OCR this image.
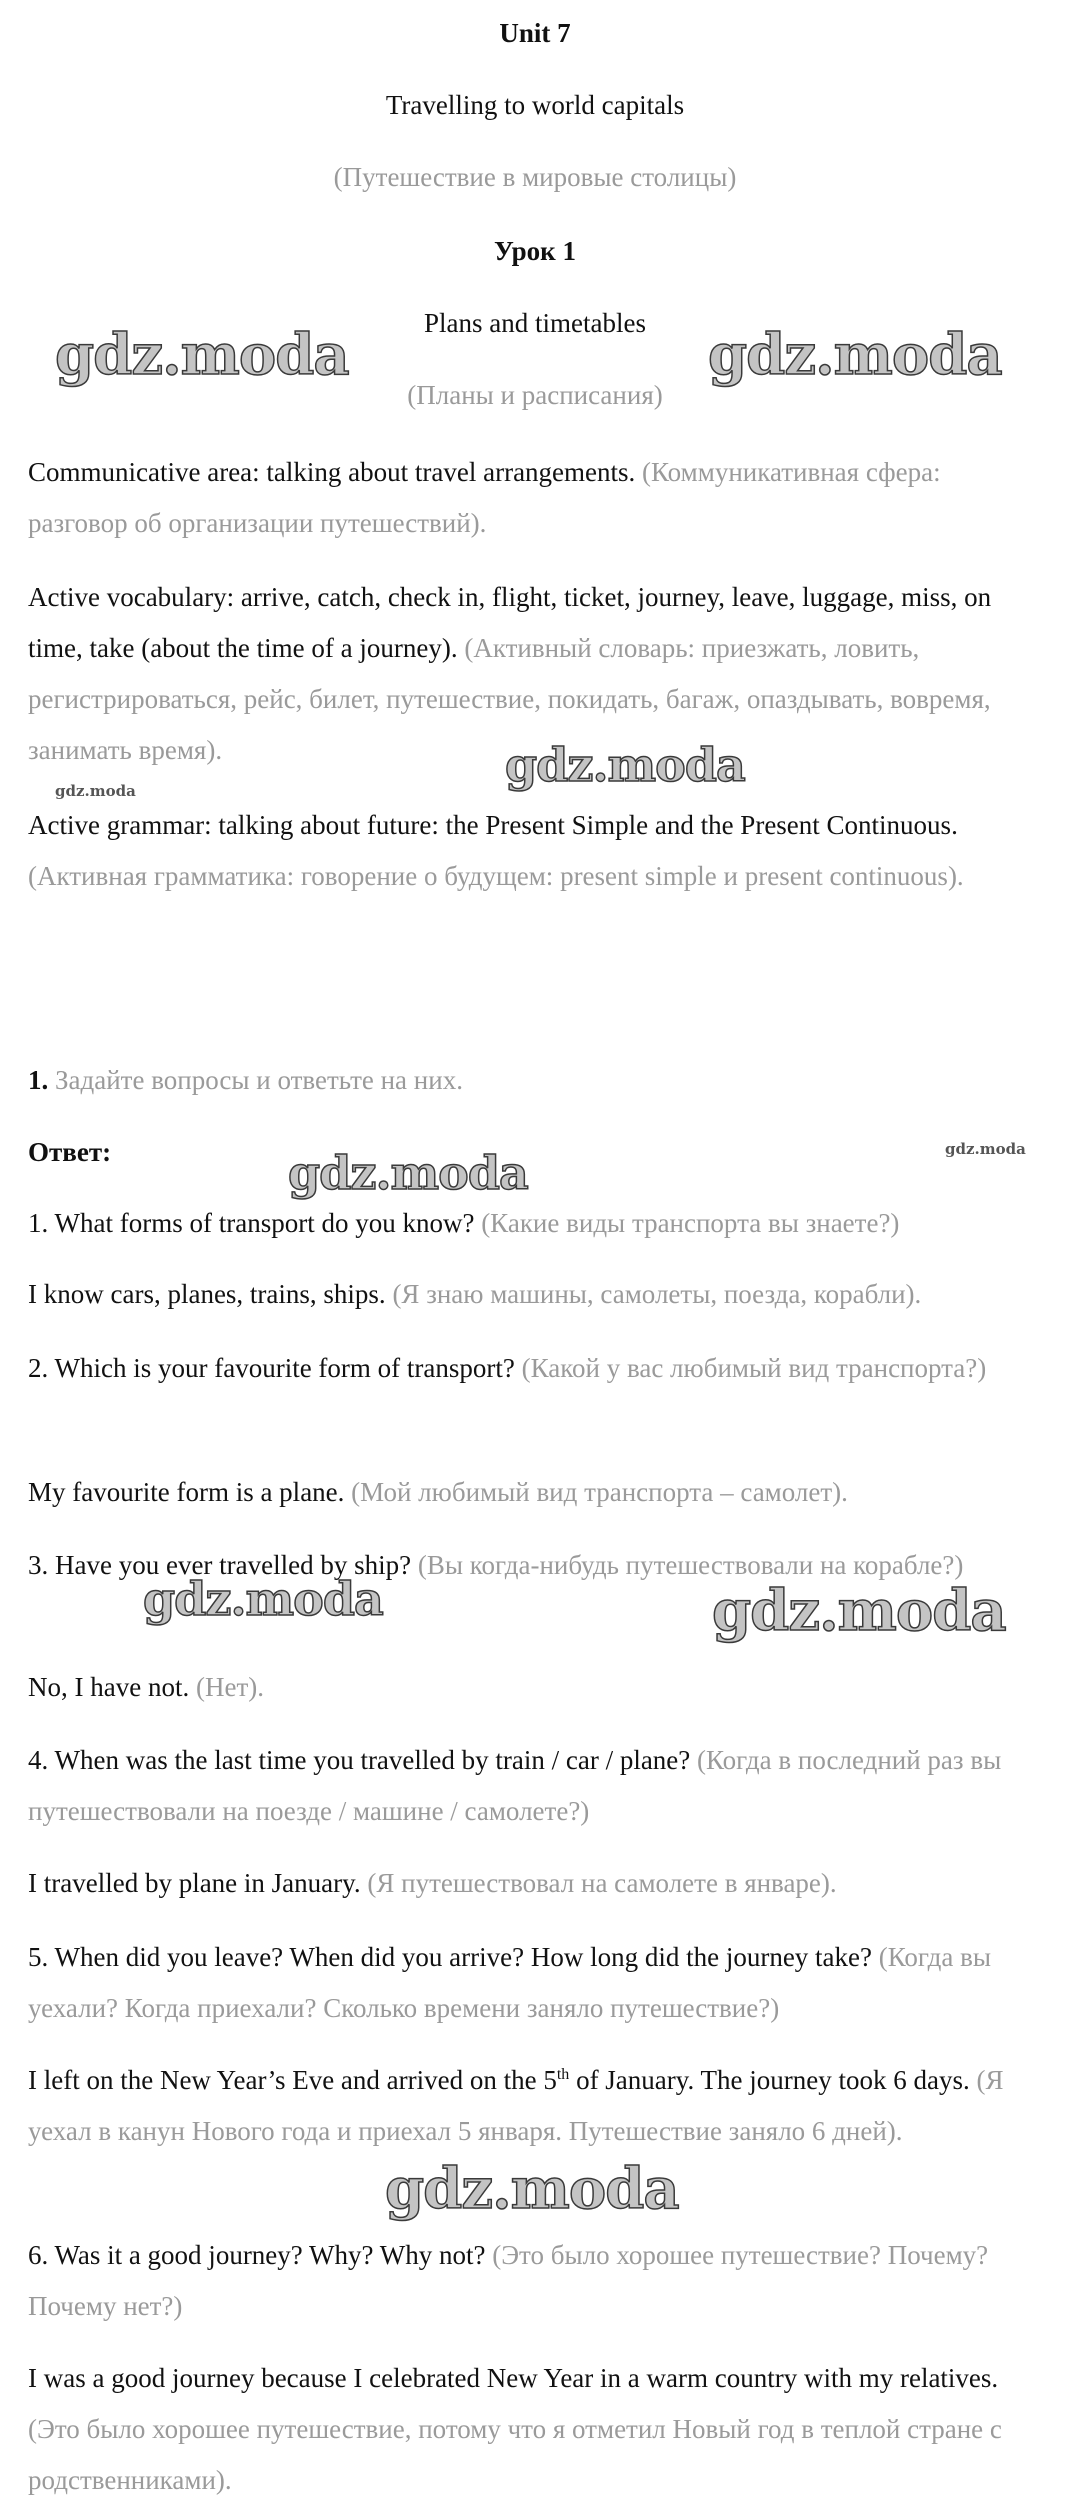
Unit 7
Travelling to world capitals
(Путешествие в мировые столицы)
Урок 1
Plans and timetables
(Планы и расписания)

Communicative area: talking about travel arrangements. (Коммуникативная сфера: разговор об организации путешествий).

Active vocabulary: arrive, catch, check in, flight, ticket, journey, leave, luggage, miss, on time, take (about the time of a journey). (Активный словарь: приезжать, ловить, регистрироваться, рейс, билет, путешествие, покидать, багаж, опаздывать, вовремя, занимать время).

Active grammar: talking about future: the Present Simple and the Present Continuous. (Активная грамматика: говорение о будущем: present simple и present continuous).

1. Задайте вопросы и ответьте на них.

Ответ:

1. What forms of transport do you know? (Какие виды транспорта вы знаете?)

I know cars, planes, trains, ships. (Я знаю машины, самолеты, поезда, корабли).

2. Which is your favourite form of transport? (Какой у вас любимый вид транспорта?)

My favourite form is a plane. (Мой любимый вид транспорта – самолет).

3. Have you ever travelled by ship? (Вы когда-нибудь путешествовали на корабле?)

No, I have not. (Нет).

4. When was the last time you travelled by train / car / plane? (Когда в последний раз вы путешествовали на поезде / машине / самолете?)

I travelled by plane in January. (Я путешествовал на самолете в январе).

5. When did you leave? When did you arrive? How long did the journey take? (Когда вы уехали? Когда приехали? Сколько времени заняло путешествие?)

I left on the New Year’s Eve and arrived on the 5th of January. The journey took 6 days. (Я уехал в канун Нового года и приехал 5 января. Путешествие заняло 6 дней).

6. Was it a good journey? Why? Why not? (Это было хорошее путешествие? Почему? Почему нет?)

I was a good journey because I celebrated New Year in a warm country with my relatives. (Это было хорошее путешествие, потому что я отметил Новый год в теплой стране с родственниками).

gdz.moda	gdz.moda
gdz.moda
gdz.moda
gdz.moda	gdz.moda
gdz.moda	gdz.moda
gdz.moda
